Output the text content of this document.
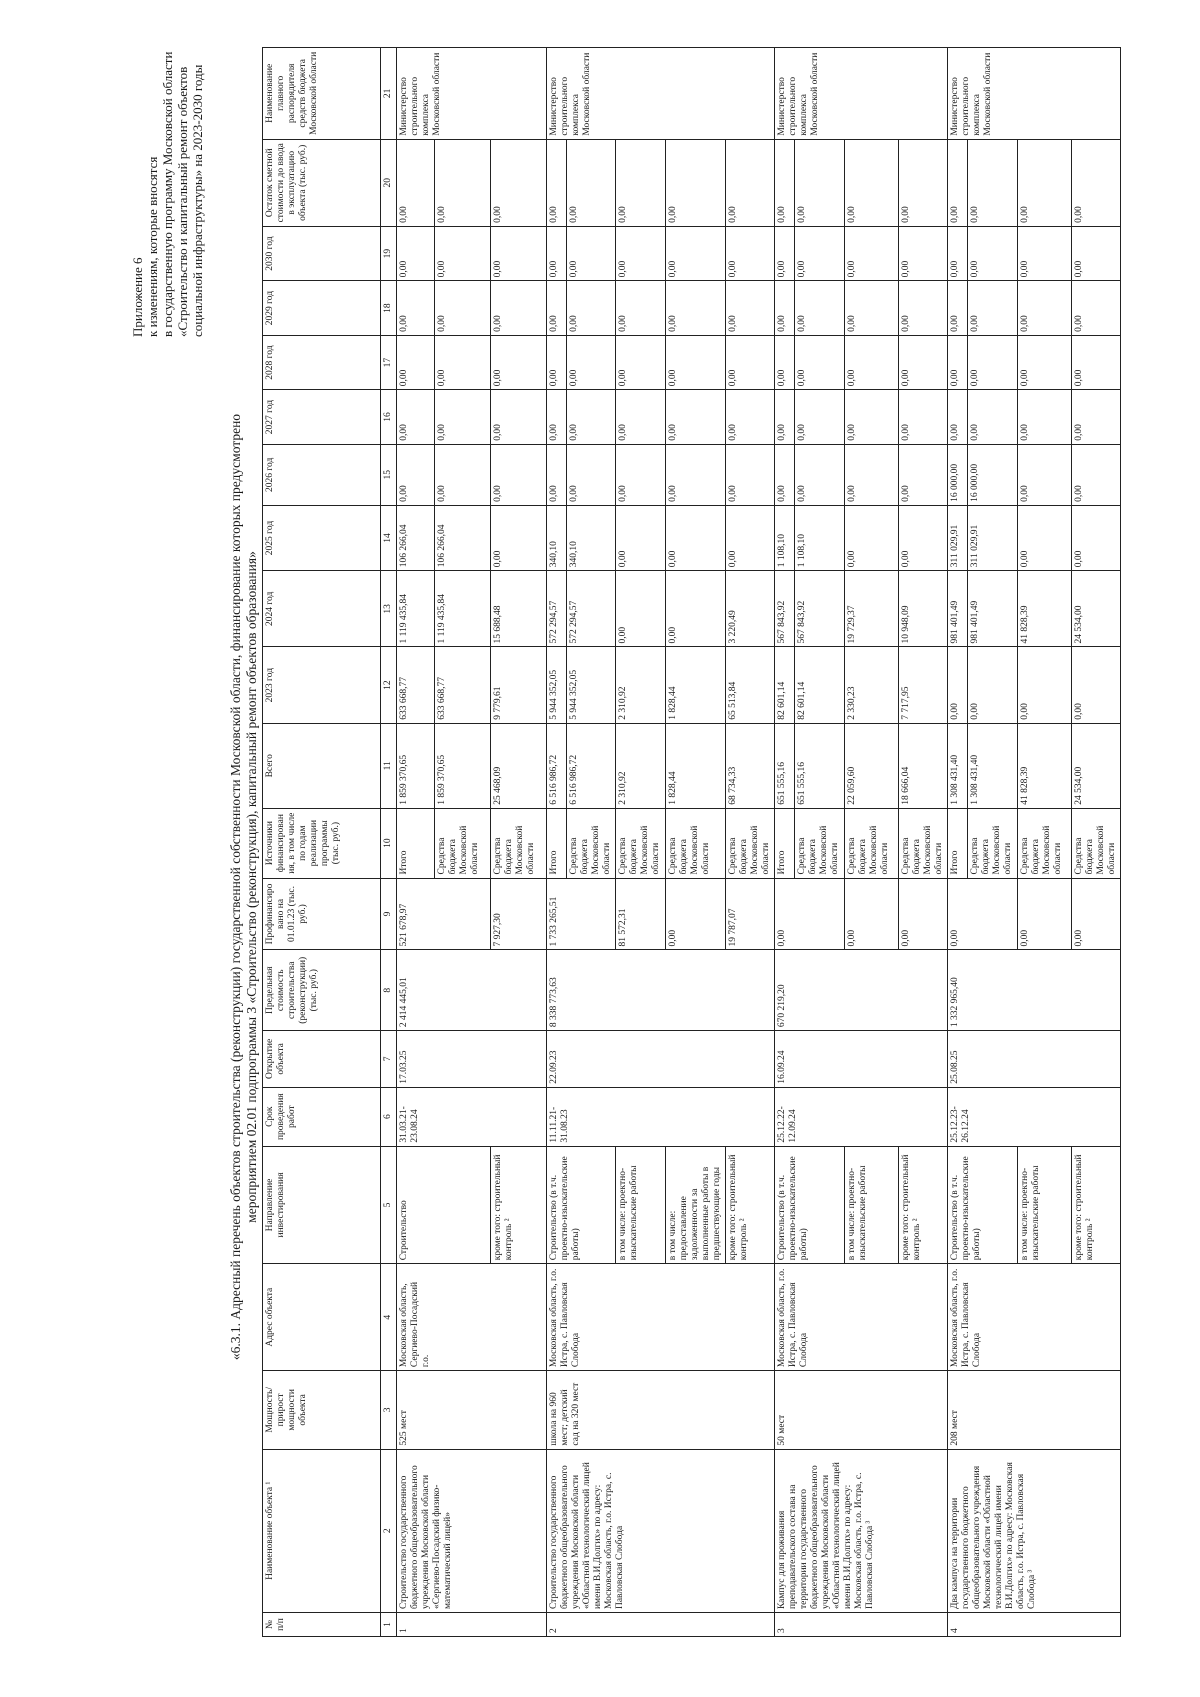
Приложение 6 к изменениям, которые вносятся в государственную программу Московской области «Строительство и капитальный ремонт объектов социальной инфраструктуры» на 2023-2030 годы
«6.3.1. Адресный перечень объектов строительства (реконструкции) государственной собственности Московской области, финансирование которых предусмотрено мероприятием 02.01 подпрограммы 3 «Строительство (реконструкция), капитальный ремонт объектов образования»
№ п/п	Наименование объекта ¹	Мощность/ прирост мощности объекта	Адрес объекта	Направление инвестирования	Срок проведения работ	Открытие объекта	Предельная стоимость строительства (реконструкции) (тыс. руб.)	Профинансировано на 01.01.23 (тыс. руб.)	Источники финансирования, в том числе по годам реализации программы (тыс. руб.)	Всего	2023 год	2024 год	2025 год	2026 год	2027 год	2028 год	2029 год	2030 год	Остаток сметной стоимости до ввода в эксплуатацию объекта (тыс. руб.)	Наименование главного распорядителя средств бюджета Московской области
1	2	3	4	5	6	7	8	9	10	11	12	13	14	15	16	17	18	19	20	21
1	Строительство государственного бюджетного общеобразовательного учреждения Московской области «Сергиево-Посадский физико-математический лицей»	525 мест	Московская область, Сергиево-Посадский г.о.	Строительство	31.03.21-23.08.24	17.03.25	2 414 445,01	521 678,97	Итого	1 859 370,65	633 668,77	1 119 435,84	106 266,04	0,00	0,00	0,00	0,00	0,00	0,00	Министерство строительного комплекса Московской области
									Средства бюджета Московской области	1 859 370,65	633 668,77	1 119 435,84	106 266,04	0,00	0,00	0,00	0,00	0,00	0,00	
				кроме того: строительный контроль ²				7 927,30	Средства бюджета Московской области	25 468,09	9 779,61	15 688,48	0,00	0,00	0,00	0,00	0,00	0,00	0,00	
2	Строительство государственного бюджетного общеобразовательного учреждения Московской области «Областной технологический лицей имени В.И.Долгих» по адресу: Московская область, г.о. Истра, с. Павловская Слобода	школа на 960 мест; детский сад на 320 мест	Московская область, г.о. Истра, с. Павловская Слобода	Строительство (в т.ч. проектно-изыскательские работы)	11.11.21-31.08.23	22.09.23	8 338 773,63	1 733 265,51	Итого	6 516 986,72	5 944 352,05	572 294,57	340,10	0,00	0,00	0,00	0,00	0,00	0,00	Министерство строительного комплекса Московской области
									Средства бюджета Московской области	6 516 986,72	5 944 352,05	572 294,57	340,10	0,00	0,00	0,00	0,00	0,00	0,00	
				в том числе: проектно-изыскательские работы				81 572,31	Средства бюджета Московской области	2 310,92	2 310,92	0,00	0,00	0,00	0,00	0,00	0,00	0,00	0,00	
				в том числе: предоставление задолженности за выполненные работы в предшествующие годы				0,00	Средства бюджета Московской области	1 828,44	1 828,44	0,00	0,00	0,00	0,00	0,00	0,00	0,00	0,00	
				кроме того: строительный контроль ²				19 787,07	Средства бюджета Московской области	68 734,33	65 513,84	3 220,49	0,00	0,00	0,00	0,00	0,00	0,00	0,00	
3	Кампус для проживания преподавательского состава на территории государственного бюджетного общеобразовательного учреждения Московской области «Областной технологический лицей имени В.И.Долгих» по адресу: Московская область, г.о. Истра, с. Павловская Слобода ³	50 мест	Московская область, г.о. Истра, с. Павловская Слобода	Строительство (в т.ч. проектно-изыскательские работы)	25.12.22-12.09.24	16.09.24	670 219,20	0,00	Итого	651 555,16	82 601,14	567 843,92	1 108,10	0,00	0,00	0,00	0,00	0,00	0,00	Министерство строительного комплекса Московской области
									Средства бюджета Московской области	651 555,16	82 601,14	567 843,92	1 108,10	0,00	0,00	0,00	0,00	0,00	0,00	
				в том числе: проектно-изыскательские работы				0,00	Средства бюджета Московской области	22 059,60	2 330,23	19 729,37	0,00	0,00	0,00	0,00	0,00	0,00	0,00	
				кроме того: строительный контроль ²				0,00	Средства бюджета Московской области	18 666,04	7 717,95	10 948,09	0,00	0,00	0,00	0,00	0,00	0,00	0,00	
4	Два кампуса на территории государственного бюджетного общеобразовательного учреждения Московской области «Областной технологический лицей имени В.И.Долгих» по адресу: Московская область, г.о. Истра, с. Павловская Слобода ³	208 мест	Московская область, г.о. Истра, с. Павловская Слобода	Строительство (в т.ч. проектно-изыскательские работы)	25.12.23-26.12.24	25.08.25	1 332 965,40	0,00	Итого	1 308 431,40	0,00	981 401,49	311 029,91	16 000,00	0,00	0,00	0,00	0,00	0,00	Министерство строительного комплекса Московской области
									Средства бюджета Московской области	1 308 431,40	0,00	981 401,49	311 029,91	16 000,00	0,00	0,00	0,00	0,00	0,00	
				в том числе: проектно-изыскательские работы				0,00	Средства бюджета Московской области	41 828,39	0,00	41 828,39	0,00	0,00	0,00	0,00	0,00	0,00	0,00	
				кроме того: строительный контроль ²				0,00	Средства бюджета Московской области	24 534,00	0,00	24 534,00	0,00	0,00	0,00	0,00	0,00	0,00	0,00	
